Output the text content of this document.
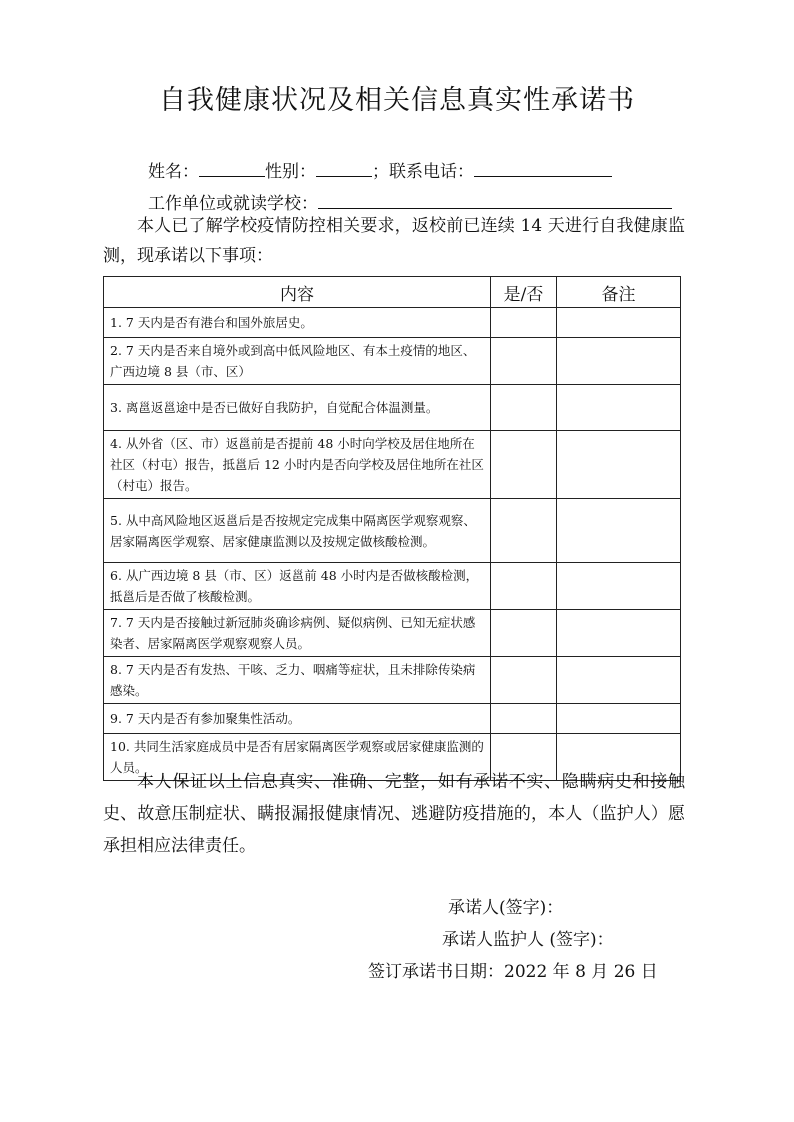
自我健康状况及相关信息真实性承诺书
姓名：	性别：	；联系电话：
工作单位或就读学校：
本人已了解学校疫情防控相关要求，返校前已连续 14 天进行自我健康监测，现承诺以下事项：
内容	是/否	备注
1. 7 天内是否有港台和国外旅居史。		
2. 7 天内是否来自境外或到高中低风险地区、有本土疫情的地区、广西边境 8 县（市、区）		
3. 离邕返邕途中是否已做好自我防护，自觉配合体温测量。		
4. 从外省（区、市）返邕前是否提前 48 小时向学校及居住地所在社区（村屯）报告，抵邕后 12 小时内是否向学校及居住地所在社区（村屯）报告。		
5. 从中高风险地区返邕后是否按规定完成集中隔离医学观察观察、居家隔离医学观察、居家健康监测以及按规定做核酸检测。		
6. 从广西边境 8 县（市、区）返邕前 48 小时内是否做核酸检测，抵邕后是否做了核酸检测。		
7. 7 天内是否接触过新冠肺炎确诊病例、疑似病例、已知无症状感染者、居家隔离医学观察观察人员。		
8. 7 天内是否有发热、干咳、乏力、咽痛等症状，且未排除传染病感染。		
9. 7 天内是否有参加聚集性活动。		
10. 共同生活家庭成员中是否有居家隔离医学观察或居家健康监测的人员。		
本人保证以上信息真实、准确、完整，如有承诺不实、隐瞒病史和接触史、故意压制症状、瞒报漏报健康情况、逃避防疫措施的，本人（监护人）愿承担相应法律责任。
承诺人(签字)：
承诺人监护人 (签字)：
签订承诺书日期：2022 年 8 月 26 日
